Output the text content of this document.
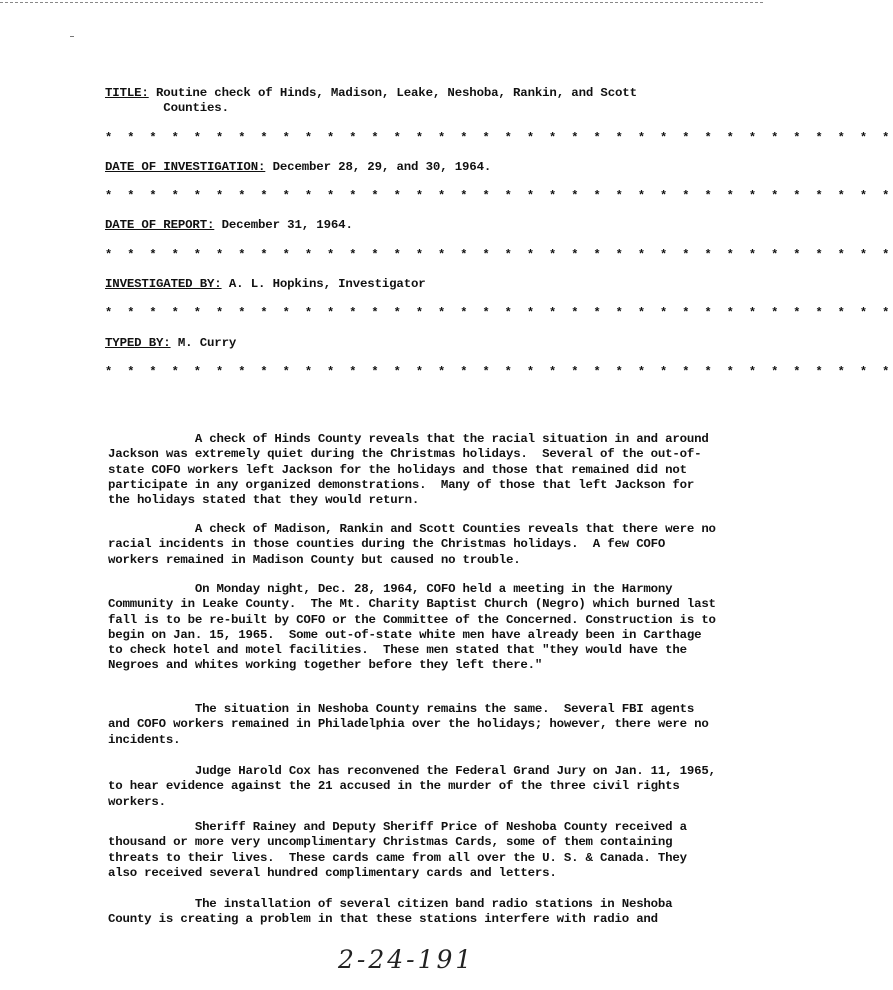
TITLE: Routine check of Hinds, Madison, Leake, Neshoba, Rankin, and Scott
Counties.

* * * * * * * * * * * * * * * * * * * * * * * * * * * * * * * * * * * *

DATE OF INVESTIGATION: December 28, 29, and 30, 1964.

* * * * * * * * * * * * * * * * * * * * * * * * * * * * * * * * * * * *

DATE OF REPORT: December 31, 1964.

* * * * * * * * * * * * * * * * * * * * * * * * * * * * * * * * * * * *

INVESTIGATED BY: A. L. Hopkins, Investigator

* * * * * * * * * * * * * * * * * * * * * * * * * * * * * * * * * * * *

TYPED BY: M. Curry

* * * * * * * * * * * * * * * * * * * * * * * * * * * * * * * * * * * *

A check of Hinds County reveals that the racial situation in and around Jackson was extremely quiet during the Christmas holidays.  Several of the out-of-state COFO workers left Jackson for the holidays and those that remained did not participate in any organized demonstrations.  Many of those that left Jackson for the holidays stated that they would return.

A check of Madison, Rankin and Scott Counties reveals that there were no racial incidents in those counties during the Christmas holidays.  A few COFO workers remained in Madison County but caused no trouble.

On Monday night, Dec. 28, 1964, COFO held a meeting in the Harmony Community in Leake County.  The Mt. Charity Baptist Church (Negro) which burned last fall is to be re-built by COFO or the Committee of the Concerned. Construction is to begin on Jan. 15, 1965.  Some out-of-state white men have already been in Carthage to check hotel and motel facilities.  These men stated that "they would have the Negroes and whites working together before they left there."

The situation in Neshoba County remains the same.  Several FBI agents and COFO workers remained in Philadelphia over the holidays; however, there were no incidents.

Judge Harold Cox has reconvened the Federal Grand Jury on Jan. 11, 1965, to hear evidence against the 21 accused in the murder of the three civil rights workers.

Sheriff Rainey and Deputy Sheriff Price of Neshoba County received a thousand or more very uncomplimentary Christmas Cards, some of them containing threats to their lives.  These cards came from all over the U. S. & Canada. They also received several hundred complimentary cards and letters.

The installation of several citizen band radio stations in Neshoba County is creating a problem in that these stations interfere with radio and

2-24-191
